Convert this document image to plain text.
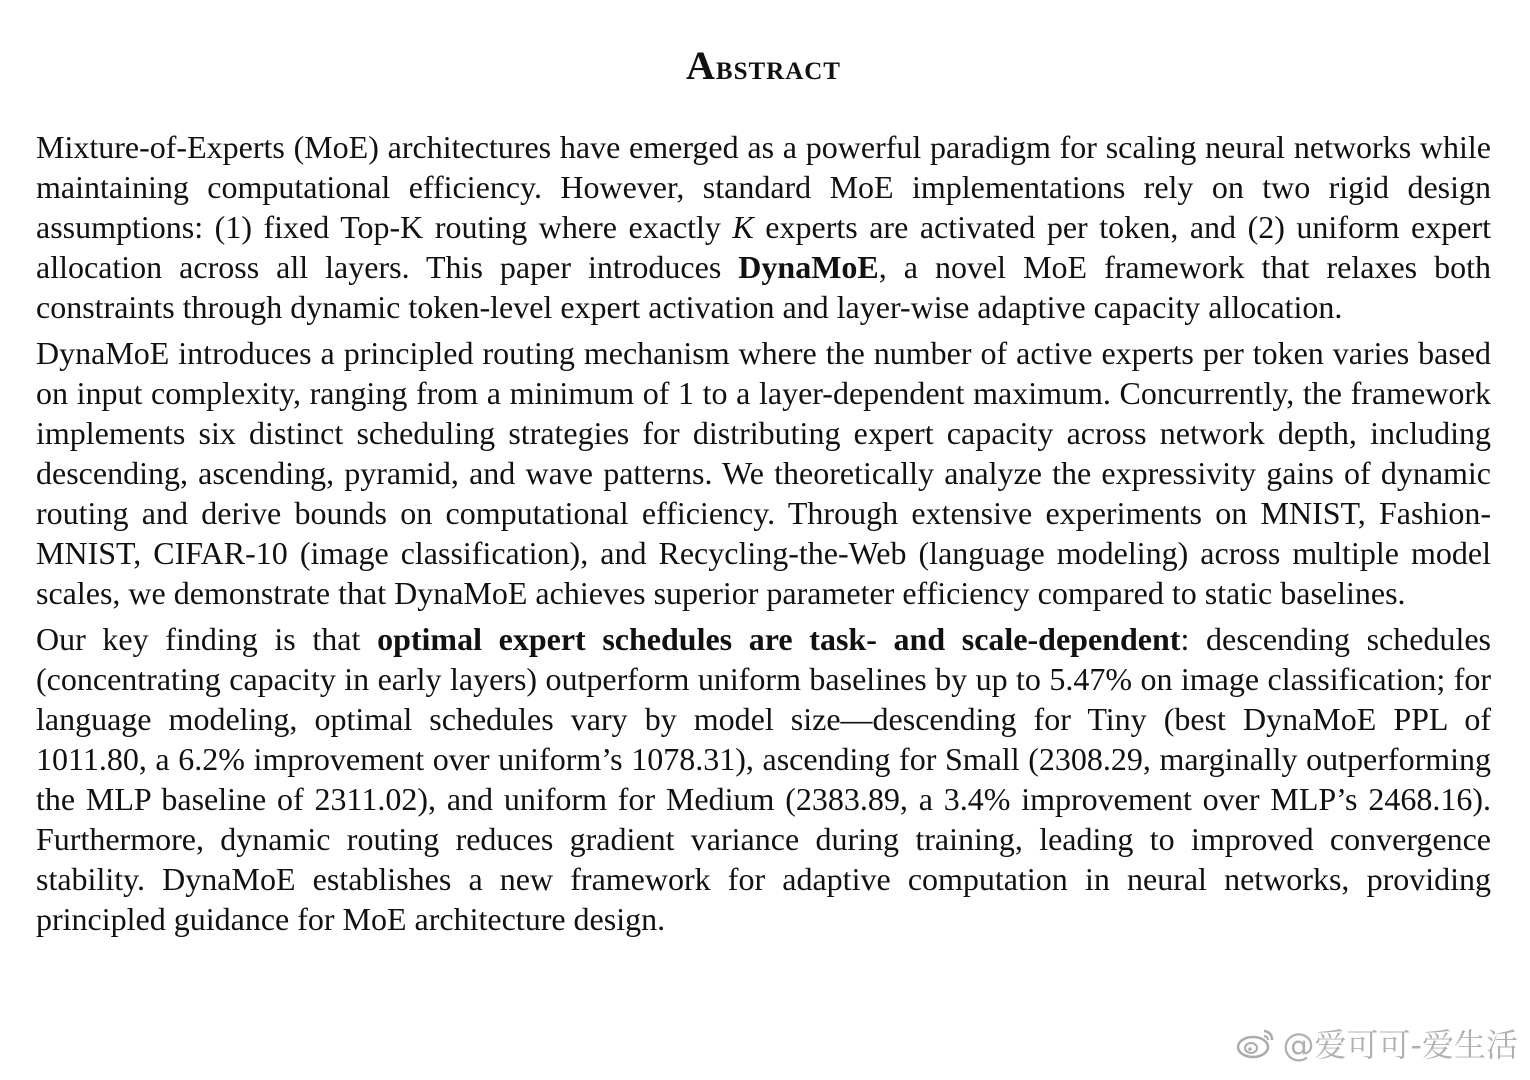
Abstract

Mixture-of-Experts (MoE) architectures have emerged as a powerful paradigm for scaling neural networks while maintaining computational efficiency. However, standard MoE implementations rely on two rigid design assumptions: (1) fixed Top-K routing where exactly K experts are activated per token, and (2) uniform expert allocation across all layers. This paper introduces DynaMoE, a novel MoE framework that relaxes both constraints through dynamic token-level expert activation and layer-wise adaptive capacity allocation.

DynaMoE introduces a principled routing mechanism where the number of active experts per token varies based on input complexity, ranging from a minimum of 1 to a layer-dependent maximum. Concurrently, the framework implements six distinct scheduling strategies for distributing expert capacity across network depth, including descending, ascending, pyramid, and wave patterns. We theoretically analyze the expressivity gains of dynamic routing and derive bounds on computational efficiency. Through extensive experiments on MNIST, Fashion-MNIST, CIFAR-10 (image classification), and Recycling-the-Web (language modeling) across multiple model scales, we demonstrate that DynaMoE achieves superior parameter efficiency compared to static baselines.

Our key finding is that optimal expert schedules are task- and scale-dependent: descending schedules (concentrating capacity in early layers) outperform uniform baselines by up to 5.47% on image classification; for language modeling, optimal schedules vary by model size—descending for Tiny (best DynaMoE PPL of 1011.80, a 6.2% improvement over uniform’s 1078.31), ascending for Small (2308.29, marginally outperforming the MLP baseline of 2311.02), and uniform for Medium (2383.89, a 3.4% improvement over MLP’s 2468.16). Furthermore, dynamic routing reduces gradient variance during training, leading to improved convergence stability. DynaMoE establishes a new framework for adaptive computation in neural networks, providing principled guidance for MoE architecture design.

@爱可可-爱生活
